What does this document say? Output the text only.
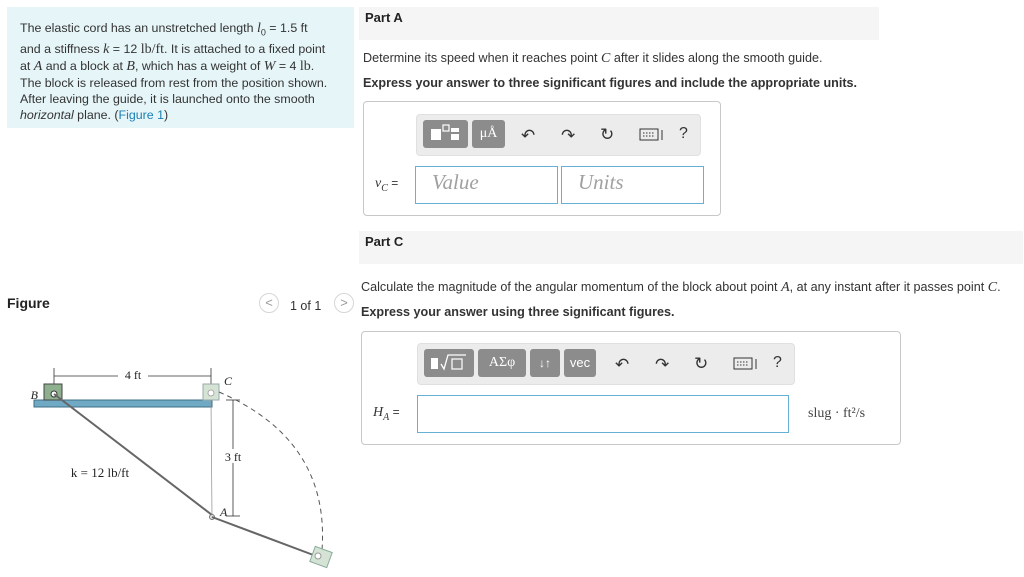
The elastic cord has an unstretched length $l_0 = 1.5$ ft
and a stiffness k = 12 lb/ft. It is attached to a fixed point
at A and a block at B, which has a weight of W = 4 lb.
The block is released from rest from the position shown.
After leaving the guide, it is launched onto the smooth
horizontal plane. (Figure 1)
Figure	<	1 of 1	>
4 ft
B
C
3 ft
A
k = 12 lb/ft
Part A
Determine its speed when it reaches point C after it slides along the smooth guide.
Express your answer to three significant figures and include the appropriate units.
μÅ	↶ ↷ ↻	?
$v_C$ =	Value	Units
Part C
Calculate the magnitude of the angular momentum of the block about point A, at any instant after it passes point C.
Express your answer using three significant figures.
ΑΣφ	↓↑	vec	↶ ↷ ↻	?
$H_A$ =	slug · ft²/s
